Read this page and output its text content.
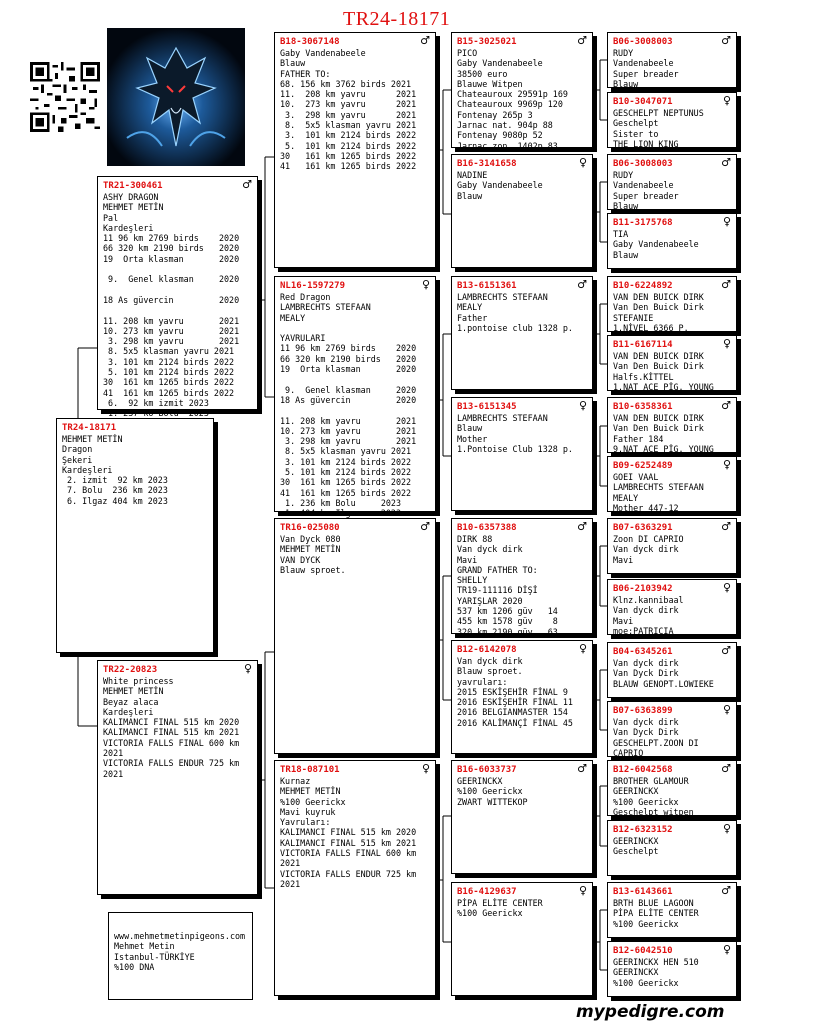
TR24-18171
TR24-18171
MEHMET METİN
Dragon
Şekeri
Kardeşleri
2. izmit  92 km 2023
7. Bolu  236 km 2023
6. Ilgaz 404 km 2023
www.mehmetmetinpigeons.com
Mehmet Metin
Istanbul-TÜRKİYE
%100 DNA
TR21-300461	♂
ASHY DRAGON
MEHMET METİN
Pal
Kardeşleri
11 96 km 2769 birds    2020
66 320 km 2190 birds   2020
19  Orta klasman       2020

9.  Genel klasman     2020

18 As güvercin         2020

11. 208 km yavru       2021
10. 273 km yavru       2021
3. 298 km yavru       2021
8. 5x5 klasman yavru 2021
3. 101 km 2124 birds 2022
5. 101 km 2124 birds 2022
30  161 km 1265 birds 2022
41  161 km 1265 birds 2022
6.  92 km izmit 2023
1. 237 kö Bolu  2023
TR22-20823	♀
White princess
MEHMET METİN
Beyaz alaca
Kardeşleri
KALIMANCI FINAL 515 km 2020
KALIMANCI FINAL 515 km 2021
VICTORIA FALLS FINAL 600 km
2021
VICTORIA FALLS ENDUR 725 km
2021
B18-3067148	♂
Gaby Vandenabeele
Blauw
FATHER TO:
68. 156 km 3762 birds 2021
11.  208 km yavru      2021
10.  273 km yavru      2021
3.  298 km yavru      2021
8.  5x5 klasman yavru 2021
3.  101 km 2124 birds 2022
5.  101 km 2124 birds 2022
30   161 km 1265 birds 2022
41   161 km 1265 birds 2022
NL16-1597279	♀
Red Dragon
LAMBRECHTS STEFAAN
MEALY

YAVRULARI
11 96 km 2769 birds    2020
66 320 km 2190 birds   2020
19  Orta klasman       2020

9.  Genel klasman     2020
18 As güvercin         2020

11. 208 km yavru       2021
10. 273 km yavru       2021
3. 298 km yavru       2021
8. 5x5 klasman yavru 2021
3. 101 km 2124 birds 2022
5. 101 km 2124 birds 2022
30  161 km 1265 birds 2022
41  161 km 1265 birds 2022
1. 236 km Bolu     2023
1. 404 km Ilgaz    2023
TR16-025080	♂
Van Dyck 080
MEHMET METİN
VAN DYCK
Blauw sproet.
TR18-087101	♀
Kurnaz
MEHMET METİN
%100 Geerickx
Mavi kuyruk
Yavruları:
KALIMANCI FINAL 515 km 2020
KALIMANCI FINAL 515 km 2021
VICTORIA FALLS FINAL 600 km
2021
VICTORIA FALLS ENDUR 725 km
2021
B15-3025021	♂
PICO
Gaby Vandenabeele
38500 euro
Blauwe Witpen
Chateauroux 29591p 169
Chateauroux 9969p 120
Fontenay 265p 3
Jarnac nat. 904p 88
Fontenay 9080p 52
Jarnac zon. 1402p 83
B16-3141658	♀
NADINE
Gaby Vandenabeele
Blauw
B13-6151361	♂
LAMBRECHTS STEFAAN
MEALY
Father
1.pontoise club 1328 p.
B13-6151345	♀
LAMBRECHTS STEFAAN
Blauw
Mother
1.Pontoise Club 1328 p.
B10-6357388	♂
DIRK 88
Van dyck dirk
Mavi
GRAND FATHER TO:
SHELLY
TR19-111116 DİŞİ
YARIŞLAR 2020
537 km 1206 güv   14
455 km 1578 güv    8
320 km 2190 güv   63
B12-6142078	♀
Van dyck dirk
Blauw sproet.
yavruları:
2015 ESKİŞEHİR FİNAL 9
2016 ESKİŞEHİR FİNAL 11
2016 BELGIANMASTER 154
2016 KALİMANÇİ FİNAL 45
B16-6033737	♂
GEERINCKX
%100 Geerickx
ZWART WITTEKOP
B16-4129637	♀
PİPA ELİTE CENTER
%100 Geerickx
B06-3008003	♂
RUDY
Vandenabeele
Super breader
Blauw
B10-3047071	♀
GESCHELPT NEPTUNUS
Geschelpt
Sister to
THE LION KING
B06-3008003	♂
RUDY
Vandenabeele
Super breader
Blauw
B11-3175768	♀
TIA
Gaby Vandenabeele
Blauw
B10-6224892	♂
VAN DEN BUICK DIRK
Van Den Buick Dirk
STEFANIE
1.NİVEL 6366 P.
B11-6167114	♀
VAN DEN BUICK DIRK
Van Den Buick Dirk
Halfs.KİTTEL
1.NAT ACE PİG. YOUNG
B10-6358361	♂
VAN DEN BUICK DIRK
Van Den Buick Dirk
Father 184
9.NAT ACE PİG. YOUNG
B09-6252489	♀
GOEI VAAL
LAMBRECHTS STEFAAN
MEALY
Mother 447-12
B07-6363291	♂
Zoon DI CAPRIO
Van dyck dirk
Mavi
B06-2103942	♀
Klnz.kannibaal
Van dyck dirk
Mavi
moe:PATRICIA
B04-6345261	♂
Van dyck dirk
Van Dyck Dirk
BLAUW GENOPT.LOWIEKE
B07-6363899	♀
Van dyck dirk
Van Dyck Dirk
GESCHELPT.ZOON DI
CAPRIO
B12-6042568	♂
BROTHER GLAMOUR
GEERINCKX
%100 Geerickx
Geschelpt witpen
B12-6323152	♀
GEERINCKX
Geschelpt
B13-6143661	♂
BRTH BLUE LAGOON
PİPA ELİTE CENTER
%100 Geerickx
B12-6042510	♀
GEERINCKX HEN 510
GEERINCKX
%100 Geerickx
mypedigre.com
